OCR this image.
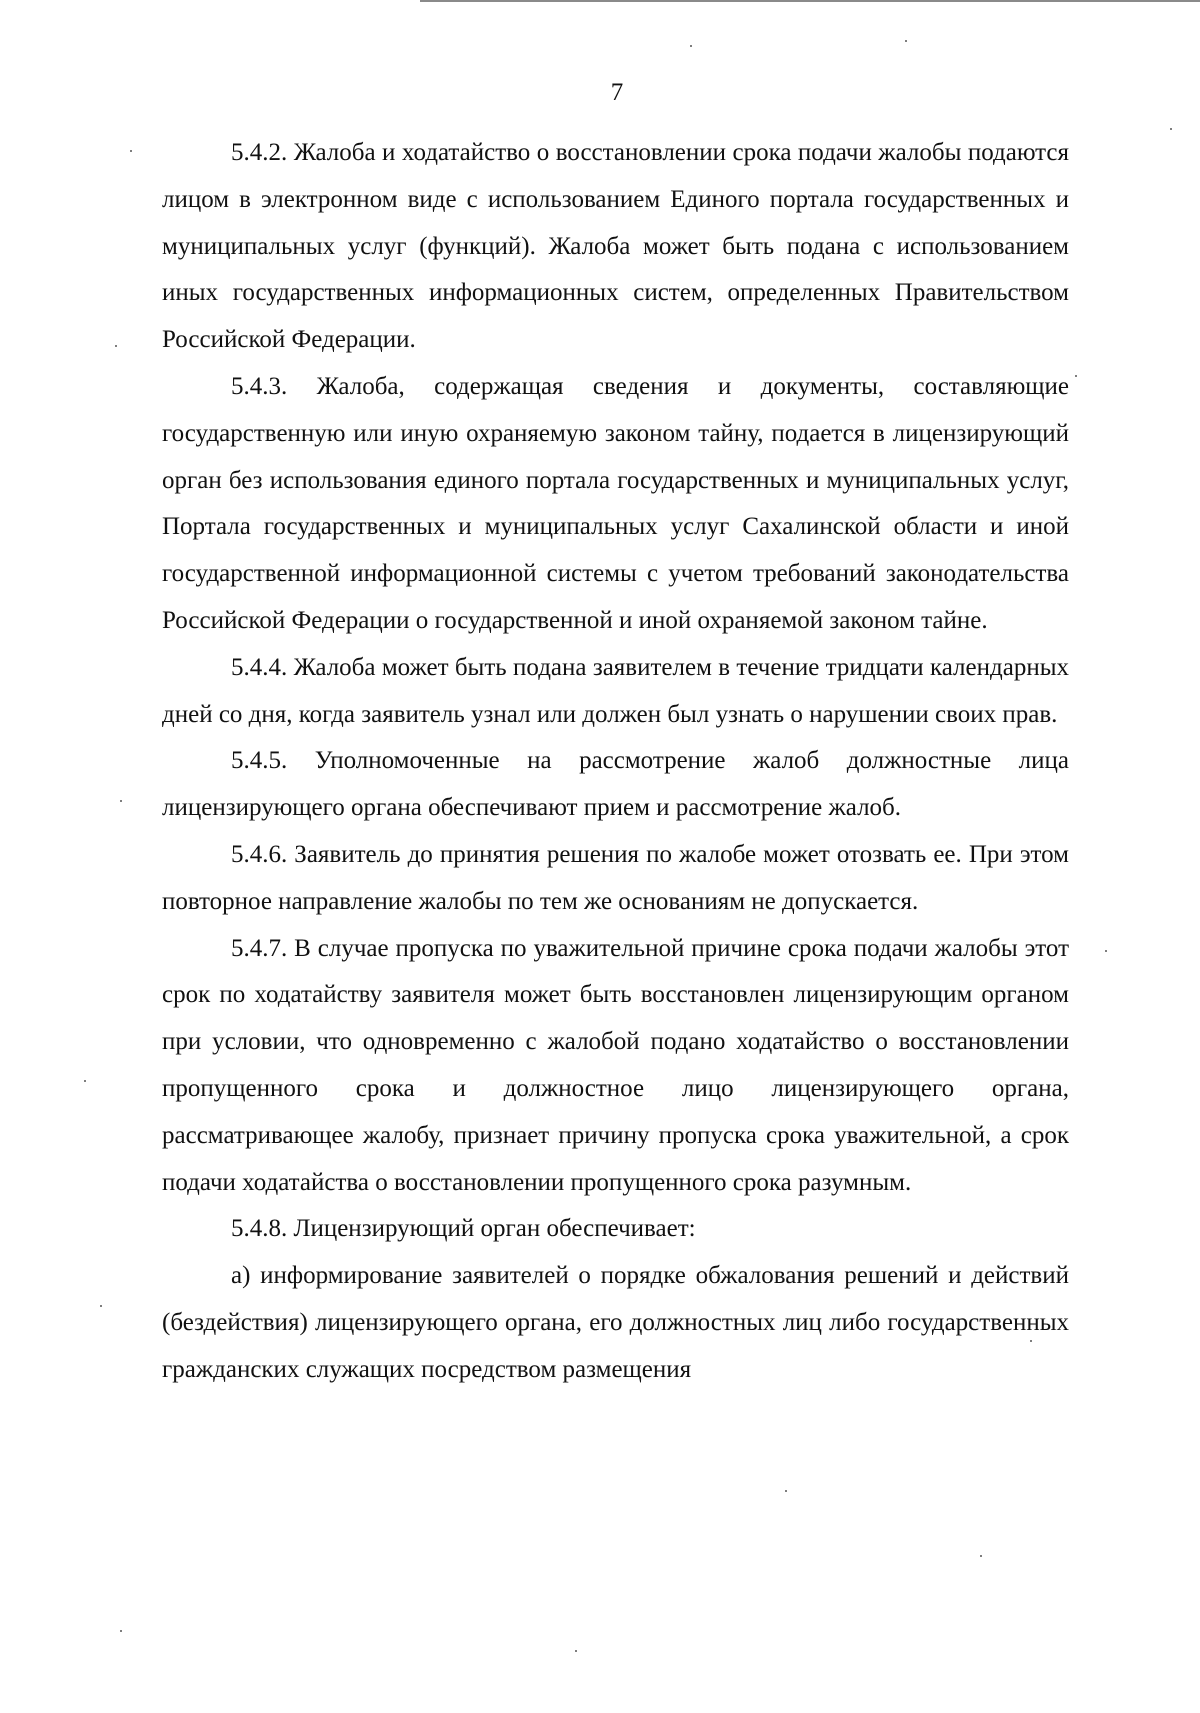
7

5.4.2. Жалоба и ходатайство о восстановлении срока подачи жалобы подаются лицом в электронном виде с использованием Единого портала государственных и муниципальных услуг (функций). Жалоба может быть подана с использованием иных государственных информационных систем, определенных Правительством Российской Федерации.

5.4.3. Жалоба, содержащая сведения и документы, составляющие государственную или иную охраняемую законом тайну, подается в лицензирующий орган без использования единого портала государственных и муниципальных услуг, Портала государственных и муниципальных услуг Сахалинской области и иной государственной информационной системы с учетом требований законодательства Российской Федерации о государственной и иной охраняемой законом тайне.

5.4.4. Жалоба может быть подана заявителем в течение тридцати календарных дней со дня, когда заявитель узнал или должен был узнать о нарушении своих прав.

5.4.5. Уполномоченные на рассмотрение жалоб должностные лица лицензирующего органа обеспечивают прием и рассмотрение жалоб.

5.4.6. Заявитель до принятия решения по жалобе может отозвать ее. При этом повторное направление жалобы по тем же основаниям не допускается.

5.4.7. В случае пропуска по уважительной причине срока подачи жалобы этот срок по ходатайству заявителя может быть восстановлен лицензирующим органом при условии, что одновременно с жалобой подано ходатайство о восстановлении пропущенного срока и должностное лицо лицензирующего органа, рассматривающее жалобу, признает причину пропуска срока уважительной, а срок подачи ходатайства о восстановлении пропущенного срока разумным.

5.4.8. Лицензирующий орган обеспечивает:

а) информирование заявителей о порядке обжалования решений и действий (бездействия) лицензирующего органа, его должностных лиц либо государственных гражданских служащих посредством размещения
